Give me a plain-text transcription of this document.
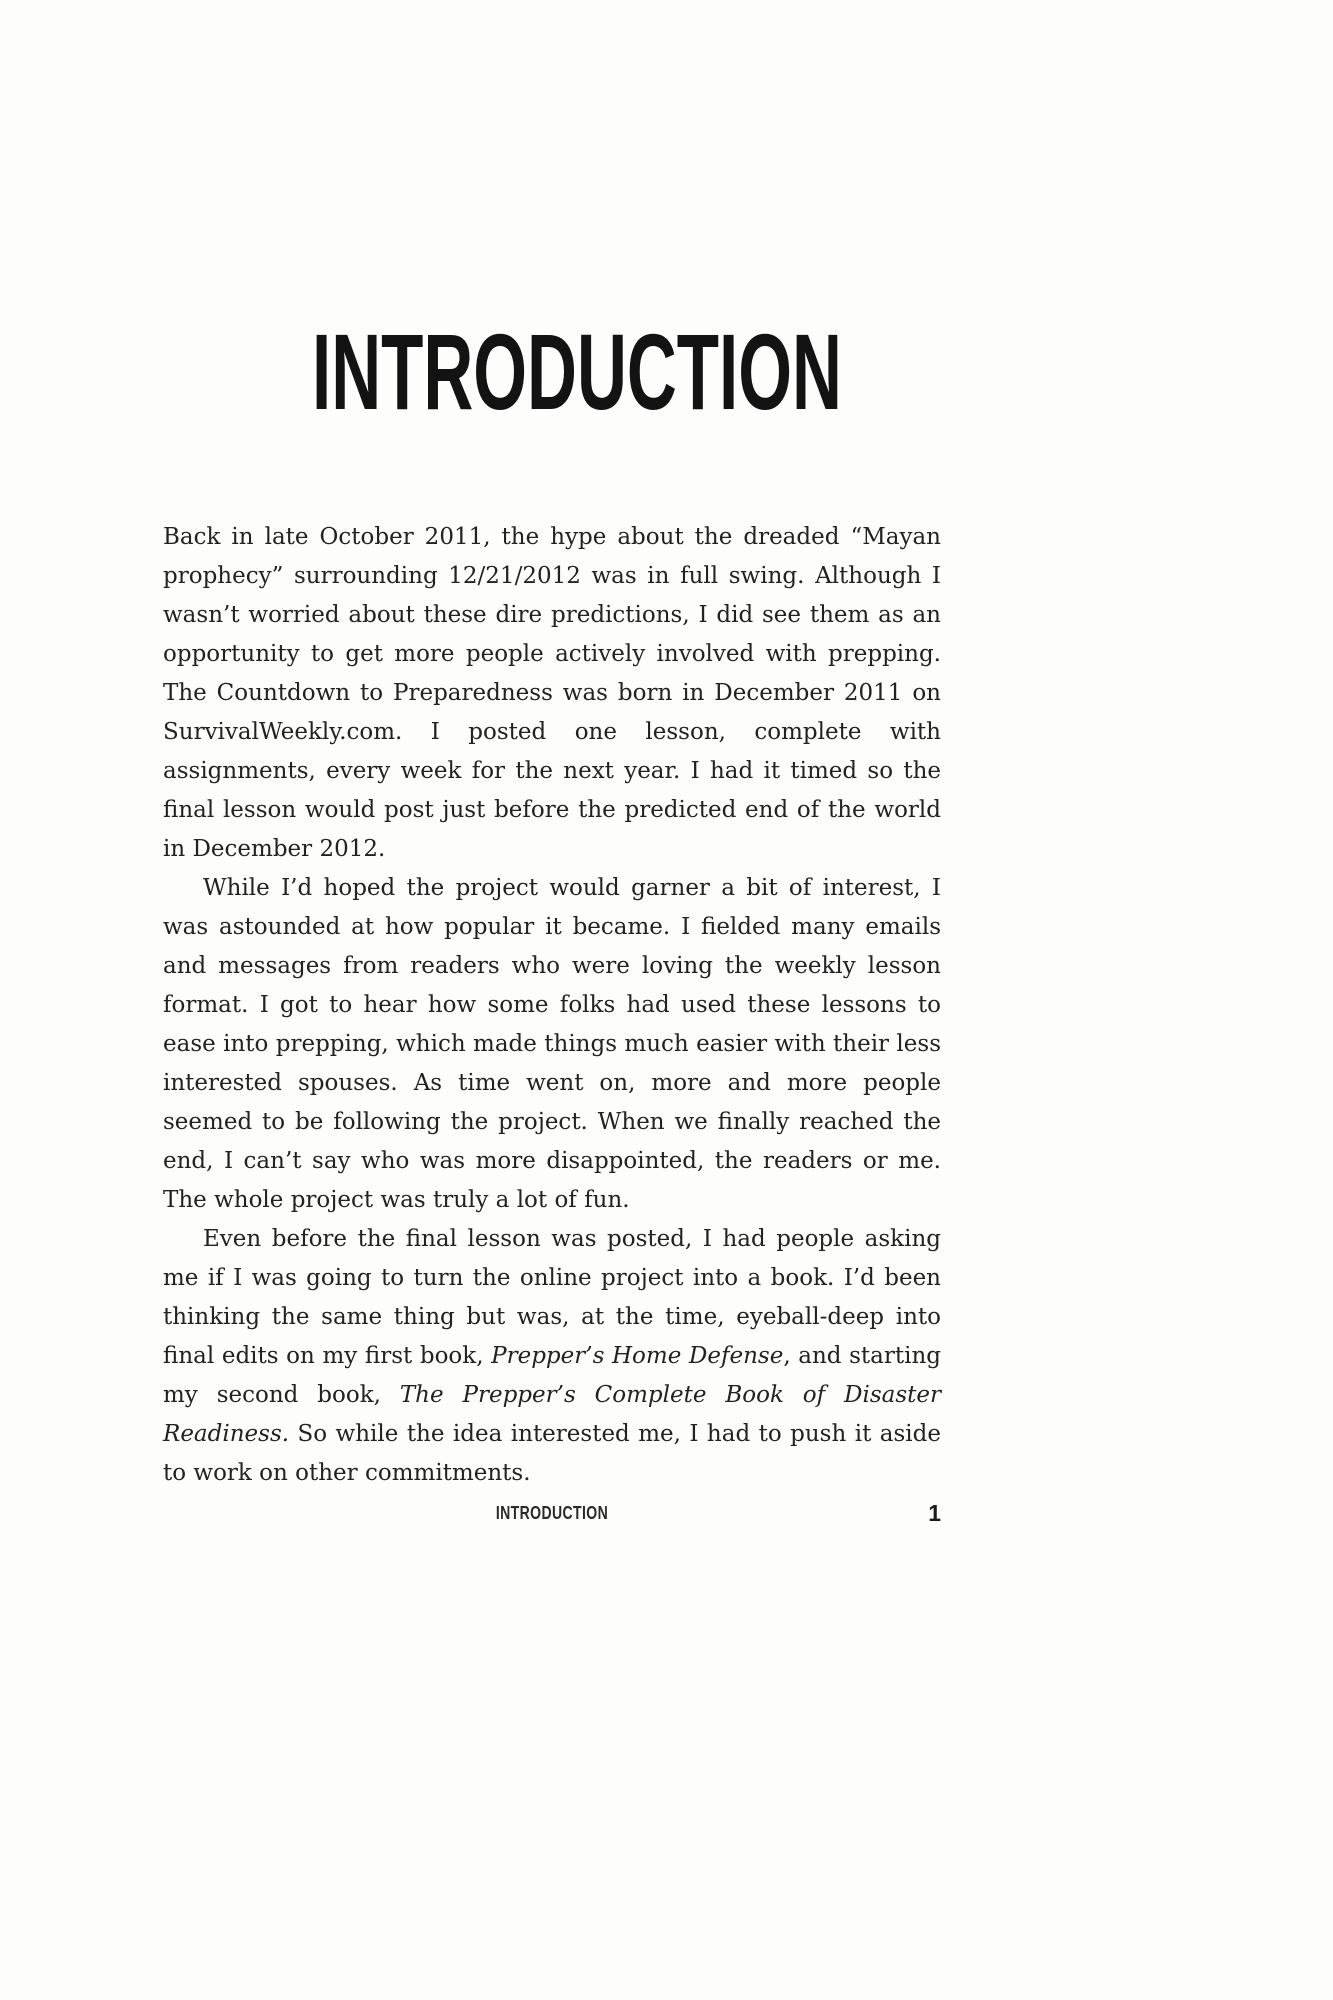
INTRODUCTION

Back in late October 2011, the hype about the dreaded “Mayan prophecy” surrounding 12/21/2012 was in full swing. Although I wasn’t worried about these dire predictions, I did see them as an opportunity to get more people actively involved with prepping. The Countdown to Preparedness was born in December 2011 on SurvivalWeekly.com. I posted one lesson, complete with assignments, every week for the next year. I had it timed so the final lesson would post just before the predicted end of the world in December 2012.

While I’d hoped the project would garner a bit of interest, I was astounded at how popular it became. I fielded many emails and messages from readers who were loving the weekly lesson format. I got to hear how some folks had used these lessons to ease into prepping, which made things much easier with their less interested spouses. As time went on, more and more people seemed to be following the project. When we finally reached the end, I can’t say who was more disappointed, the readers or me. The whole project was truly a lot of fun.

Even before the final lesson was posted, I had people asking me if I was going to turn the online project into a book. I’d been thinking the same thing but was, at the time, eyeball-deep into final edits on my first book, Prepper’s Home Defense, and starting my second book, The Prepper’s Complete Book of Disaster Readiness. So while the idea interested me, I had to push it aside to work on other commitments.

INTRODUCTION	1
